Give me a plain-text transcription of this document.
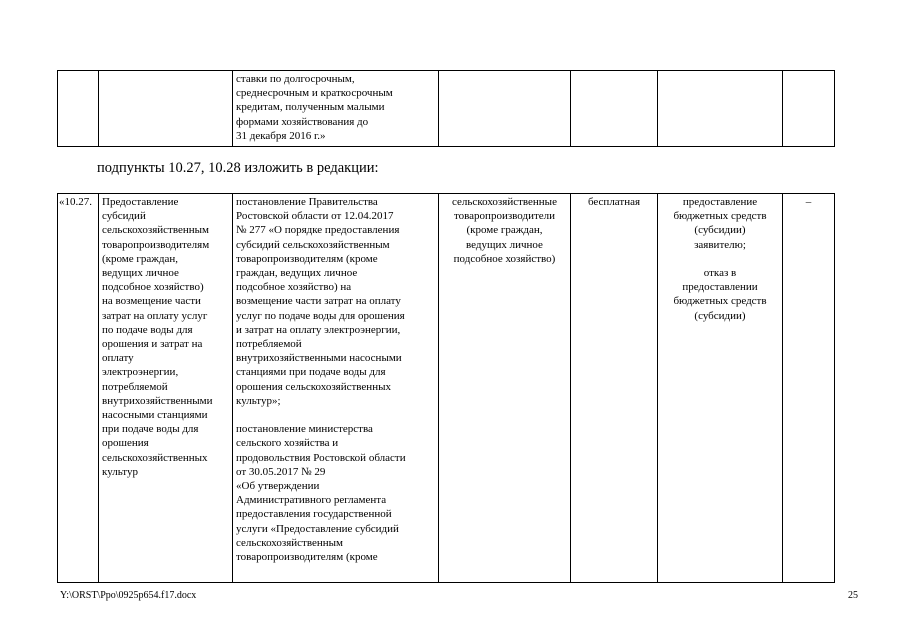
		ставки по долгосрочным,
среднесрочным и краткосрочным
кредитам, полученным малыми
формами хозяйствования до
31 декабря 2016 г.»				
подпункты 10.27, 10.28 изложить в редакции:
«10.27.	Предоставление
субсидий
сельскохозяйственным
товаропроизводителям
(кроме граждан,
ведущих личное
подсобное хозяйство)
на возмещение части
затрат на оплату услуг
по подаче воды для
орошения и затрат на
оплату
электроэнергии,
потребляемой
внутрихозяйственными
насосными станциями
при подаче воды для
орошения
сельскохозяйственных
культур	постановление Правительства
Ростовской области от 12.04.2017
№ 277 «О порядке предоставления
субсидий сельскохозяйственным
товаропроизводителям (кроме
граждан, ведущих личное
подсобное хозяйство) на
возмещение части затрат на оплату
услуг по подаче воды для орошения
и затрат на оплату электроэнергии,
потребляемой
внутрихозяйственными насосными
станциями при подаче воды для
орошения сельскохозяйственных
культур»;

постановление министерства
сельского хозяйства и
продовольствия Ростовской области
от 30.05.2017 № 29
«Об утверждении
Административного регламента
предоставления государственной
услуги «Предоставление субсидий
сельскохозяйственным
товаропроизводителям (кроме	сельскохозяйственные
товаропроизводители
(кроме граждан,
ведущих личное
подсобное хозяйство)	бесплатная	предоставление
бюджетных средств
(субсидии)
заявителю;

отказ в
предоставлении
бюджетных средств
(субсидии)	–
Y:\ORST\Ppo\0925p654.f17.docx	25
